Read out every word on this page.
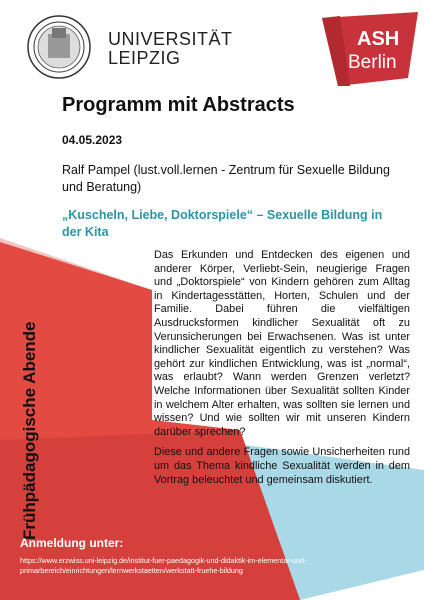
UNIVERSITÄT
LEIPZIG
ASH
Berlin
Programm mit Abstracts
04.05.2023
Ralf Pampel (lust.voll.lernen - Zentrum für Sexuelle Bildung und Beratung)
„Kuscheln, Liebe, Doktorspiele“ – Sexuelle Bildung in der Kita

Das Erkunden und Entdecken des eigenen und anderer Körper, Verliebt-Sein, neugierige Fragen und „Doktorspiele“ von Kindern gehören zum Alltag in Kindertagesstätten, Horten, Schulen und der Familie. Dabei führen die vielfältigen Ausdrucksformen kindlicher Sexualität oft zu Verunsicherungen bei Erwachsenen. Was ist unter kindlicher Sexualität eigentlich zu verstehen? Was gehört zur kindlichen Entwicklung, was ist „normal“, was erlaubt? Wann werden Grenzen verletzt? Welche Informationen über Sexualität sollten Kinder in welchem Alter erhalten, was sollten sie lernen und wissen? Und wie sollten wir mit unseren Kindern darüber sprechen?

Diese und andere Fragen sowie Unsicherheiten rund um das Thema kindliche Sexualität werden in dem Vortrag beleuchtet und gemeinsam diskutiert.

Frühpädagogische Abende
Anmeldung unter:
https://www.erzwiss.uni-leipzig.de/institut-fuer-paedagogik-und-didaktik-im-elementar-und-primarbereich/einrichtungen/lernwerkstaetten/werkstatt-fruehe-bildung
